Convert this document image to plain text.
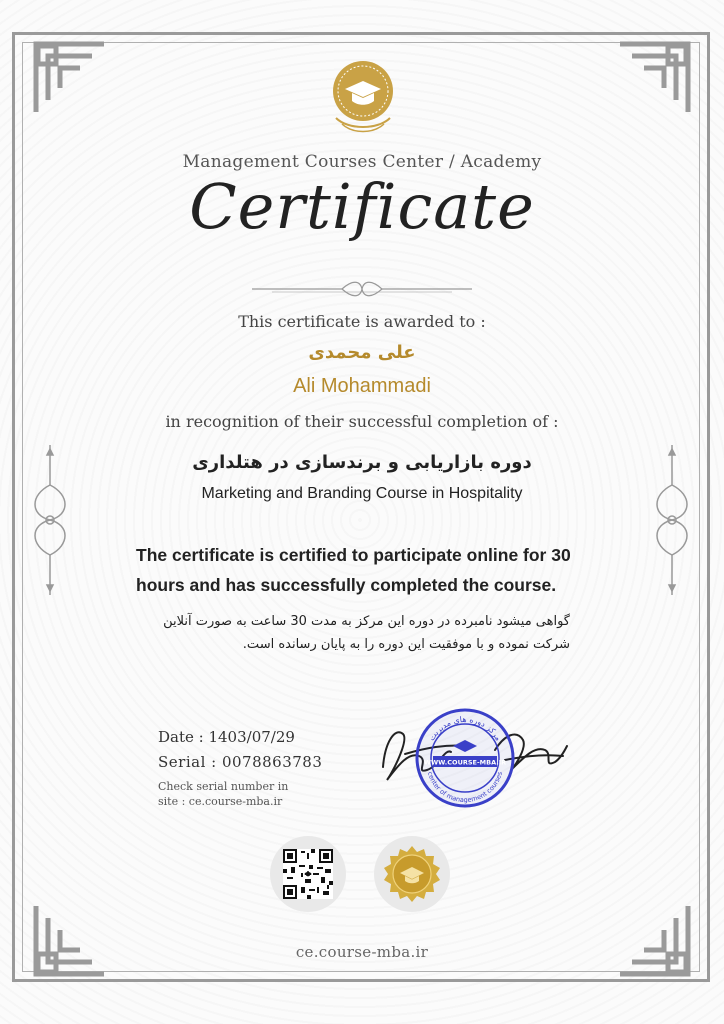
Management Courses Center / Academy
Certificate
This certificate is awarded to :
علی محمدی
Ali Mohammadi
in recognition of their successful completion of :
دوره بازاریابی و برندسازی در هتلداری
Marketing and Branding Course in Hospitality
The certificate is certified to participate online for 30 hours and has successfully completed the course.
گواهی میشود نامبرده در دوره این مرکز به مدت 30 ساعت به صورت آنلاین شرکت نموده و با موفقیت این دوره را به پایان رسانده است.
Date : 1403/07/29
Serial : 0078863783
Check serial number in
site : ce.course-mba.ir
مرکز دوره های مدیریت
center of management courses
WWW.COURSE-MBA.IR
ce.course-mba.ir
